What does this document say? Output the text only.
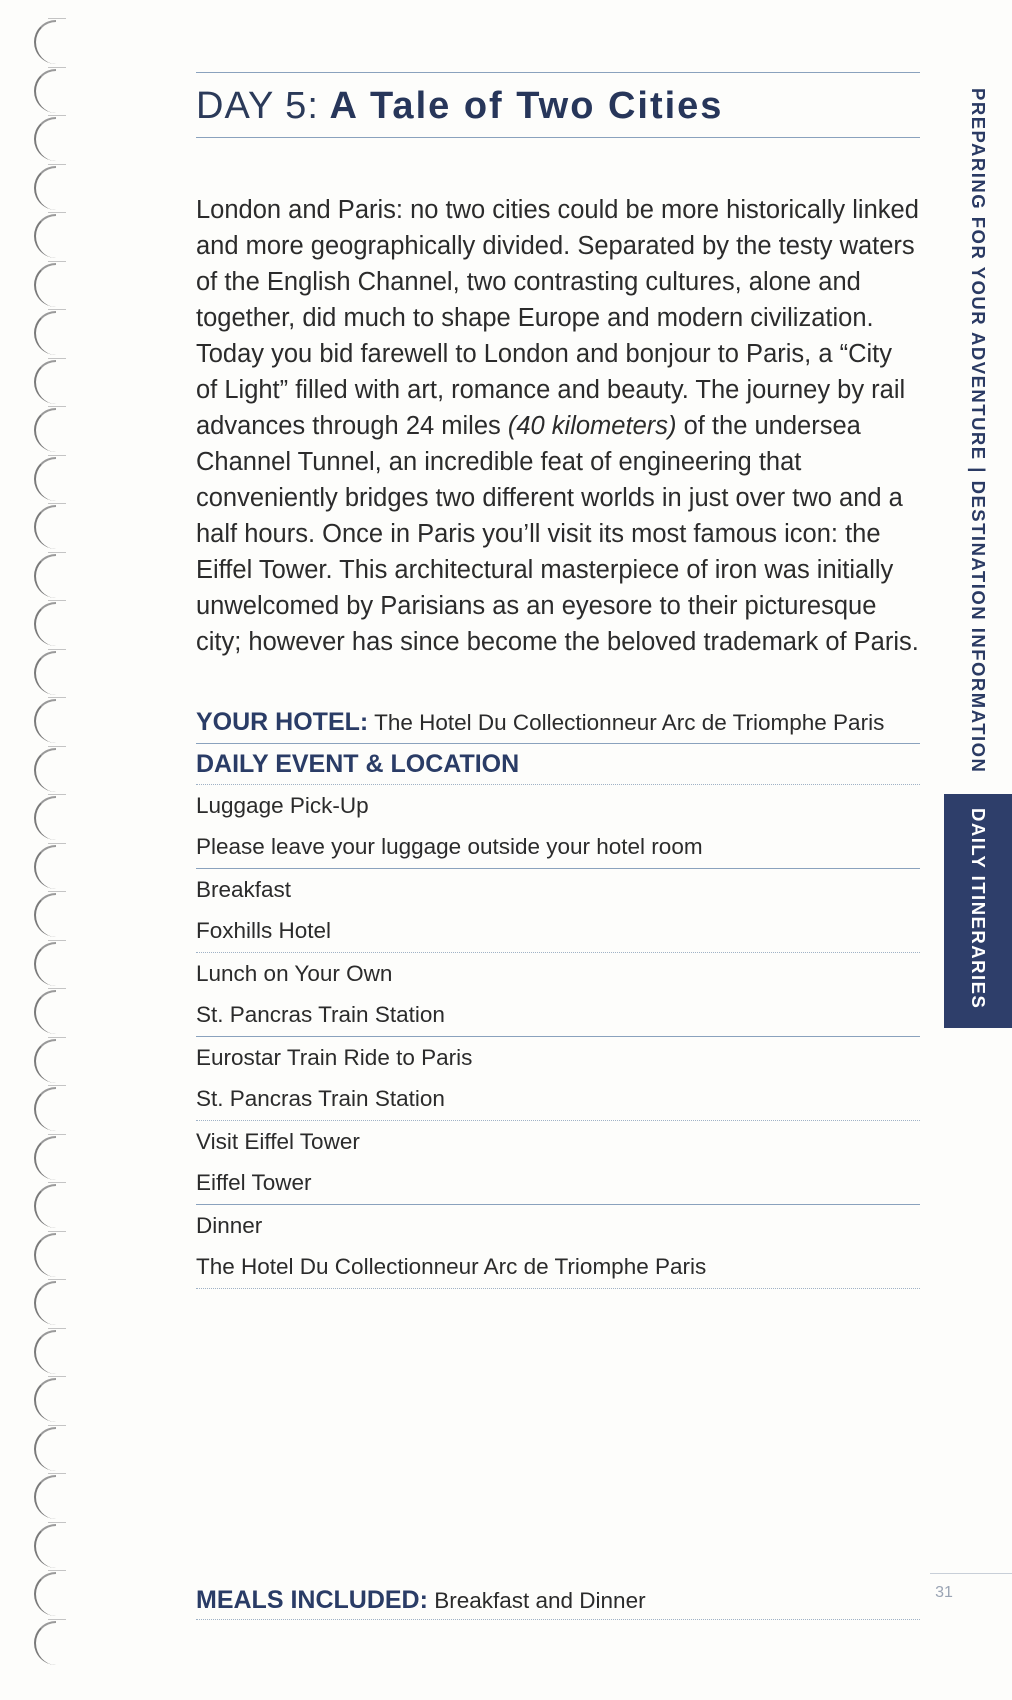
DAY 5: A Tale of Two Cities

London and Paris: no two cities could be more historically linked and more geographically divided. Separated by the testy waters of the English Channel, two contrasting cultures, alone and together, did much to shape Europe and modern civilization. Today you bid farewell to London and bonjour to Paris, a “City of Light” filled with art, romance and beauty. The journey by rail advances through 24 miles (40 kilometers) of the undersea Channel Tunnel, an incredible feat of engineering that conveniently bridges two different worlds in just over two and a half hours. Once in Paris you’ll visit its most famous icon: the Eiffel Tower. This architectural masterpiece of iron was initially unwelcomed by Parisians as an eyesore to their picturesque city; however has since become the beloved trademark of Paris.

YOUR HOTEL: The Hotel Du Collectionneur Arc de Triomphe Paris
DAILY EVENT & LOCATION
Luggage Pick-Up
Please leave your luggage outside your hotel room
Breakfast
Foxhills Hotel
Lunch on Your Own
St. Pancras Train Station
Eurostar Train Ride to Paris
St. Pancras Train Station
Visit Eiffel Tower
Eiffel Tower
Dinner
The Hotel Du Collectionneur Arc de Triomphe Paris
MEALS INCLUDED: Breakfast and Dinner
PREPARING FOR YOUR ADVENTURE | DESTINATION INFORMATION
DAILY ITINERARIES
31
